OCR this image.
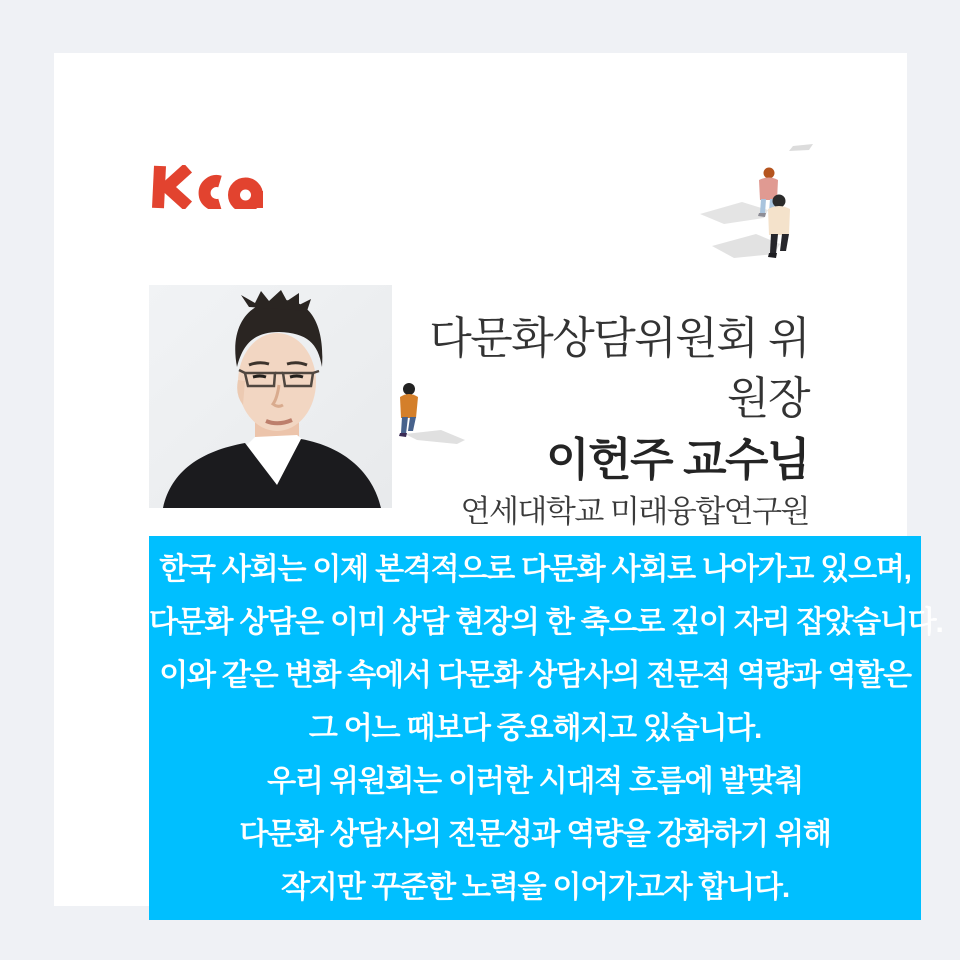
다문화상담위원회 위원장
이헌주 교수님
연세대학교 미래융합연구원
한국 사회는 이제 본격적으로 다문화 사회로 나아가고 있으며,
다문화 상담은 이미 상담 현장의 한 축으로 깊이 자리 잡았습니다.
이와 같은 변화 속에서 다문화 상담사의 전문적 역량과 역할은
그 어느 때보다 중요해지고 있습니다.
우리 위원회는 이러한 시대적 흐름에 발맞춰
다문화 상담사의 전문성과 역량을 강화하기 위해
작지만 꾸준한 노력을 이어가고자 합니다.
